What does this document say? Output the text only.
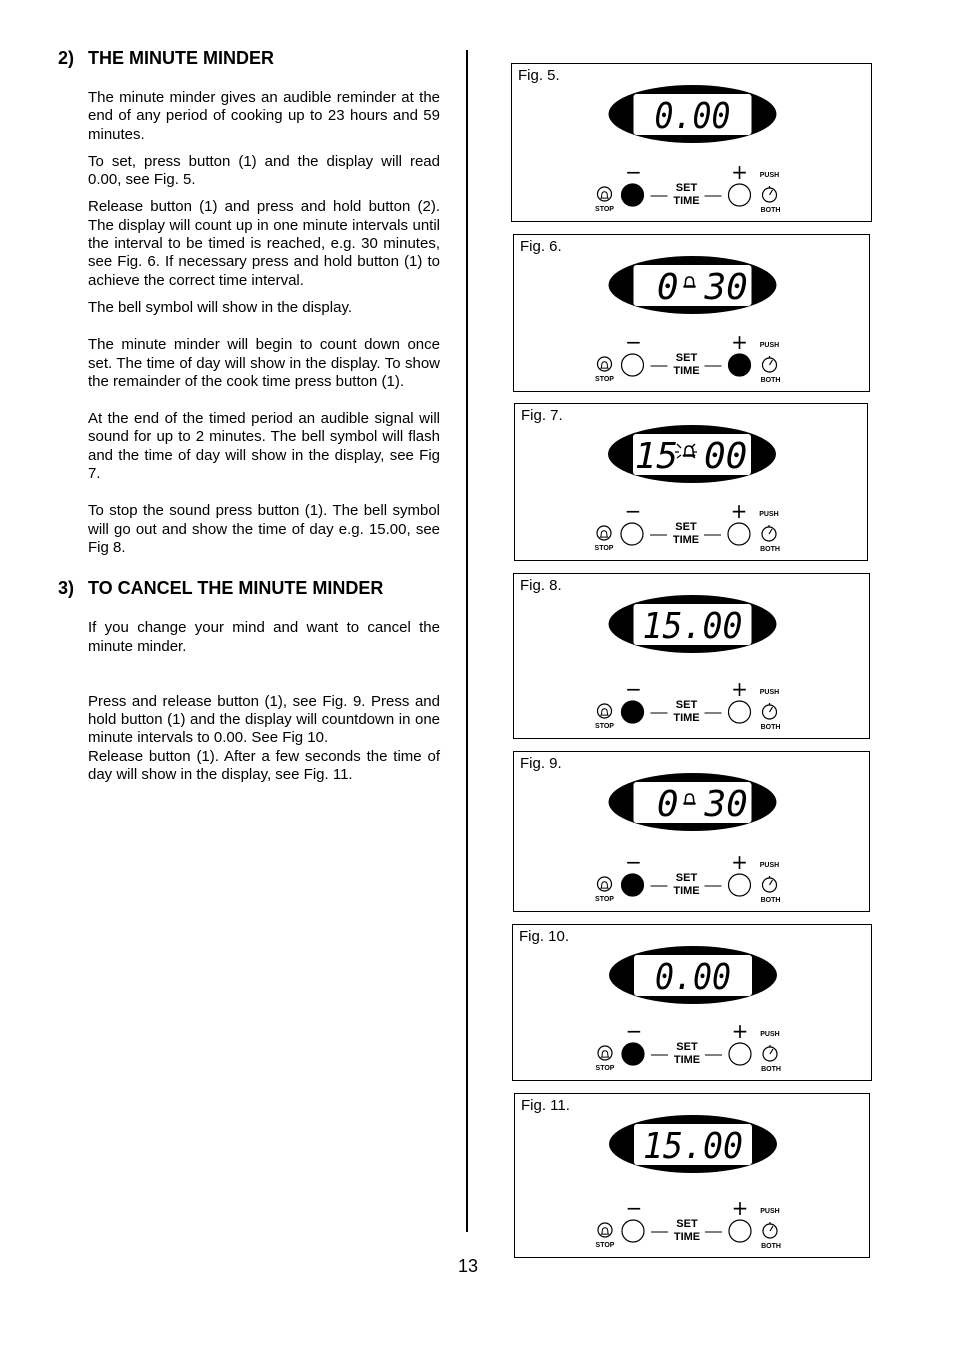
2) THE MINUTE MINDER

The minute minder gives an audible reminder at the end of any period of cooking up to 23 hours and 59 minutes.

To set, press button (1) and the display will read 0.00, see Fig. 5.

Release button (1) and press and hold button (2). The display will count up in one minute intervals until the interval to be timed is reached, e.g. 30 minutes, see Fig. 6. If necessary press and hold button (1) to achieve the correct time interval.

The bell symbol will show in the display.

The minute minder will begin to count down once set. The time of day will show in the display. To show the remainder of the cook time press button (1).

At the end of the timed period an audible signal will sound for up to 2 minutes. The bell symbol will flash and the time of day will show in the display, see Fig 7.

To stop the sound press button (1). The bell symbol will go out and show the time of day e.g. 15.00, see Fig 8.

3) TO CANCEL THE MINUTE MINDER

If you change your mind and want to cancel the minute minder.

Press and release button (1), see Fig. 9. Press and hold button (1) and the display will countdown in one minute intervals to 0.00. See Fig 10.

Release button (1). After a few seconds the time of day will show in the display, see Fig. 11.

Fig. 5.
0.00
STOP
−
SET
TIME
+ PUSH
BOTH
Fig. 6.
0 30
STOP
−
SET
TIME
+ PUSH
BOTH
Fig. 7.
15 00
STOP
−
SET
TIME
+ PUSH
BOTH
Fig. 8.
15.00
STOP
−
SET
TIME
+ PUSH
BOTH
Fig. 9.
0 30
STOP
−
SET
TIME
+ PUSH
BOTH
Fig. 10.
0.00
STOP
−
SET
TIME
+ PUSH
BOTH
Fig. 11.
15.00
STOP
−
SET
TIME
+ PUSH
BOTH
13
